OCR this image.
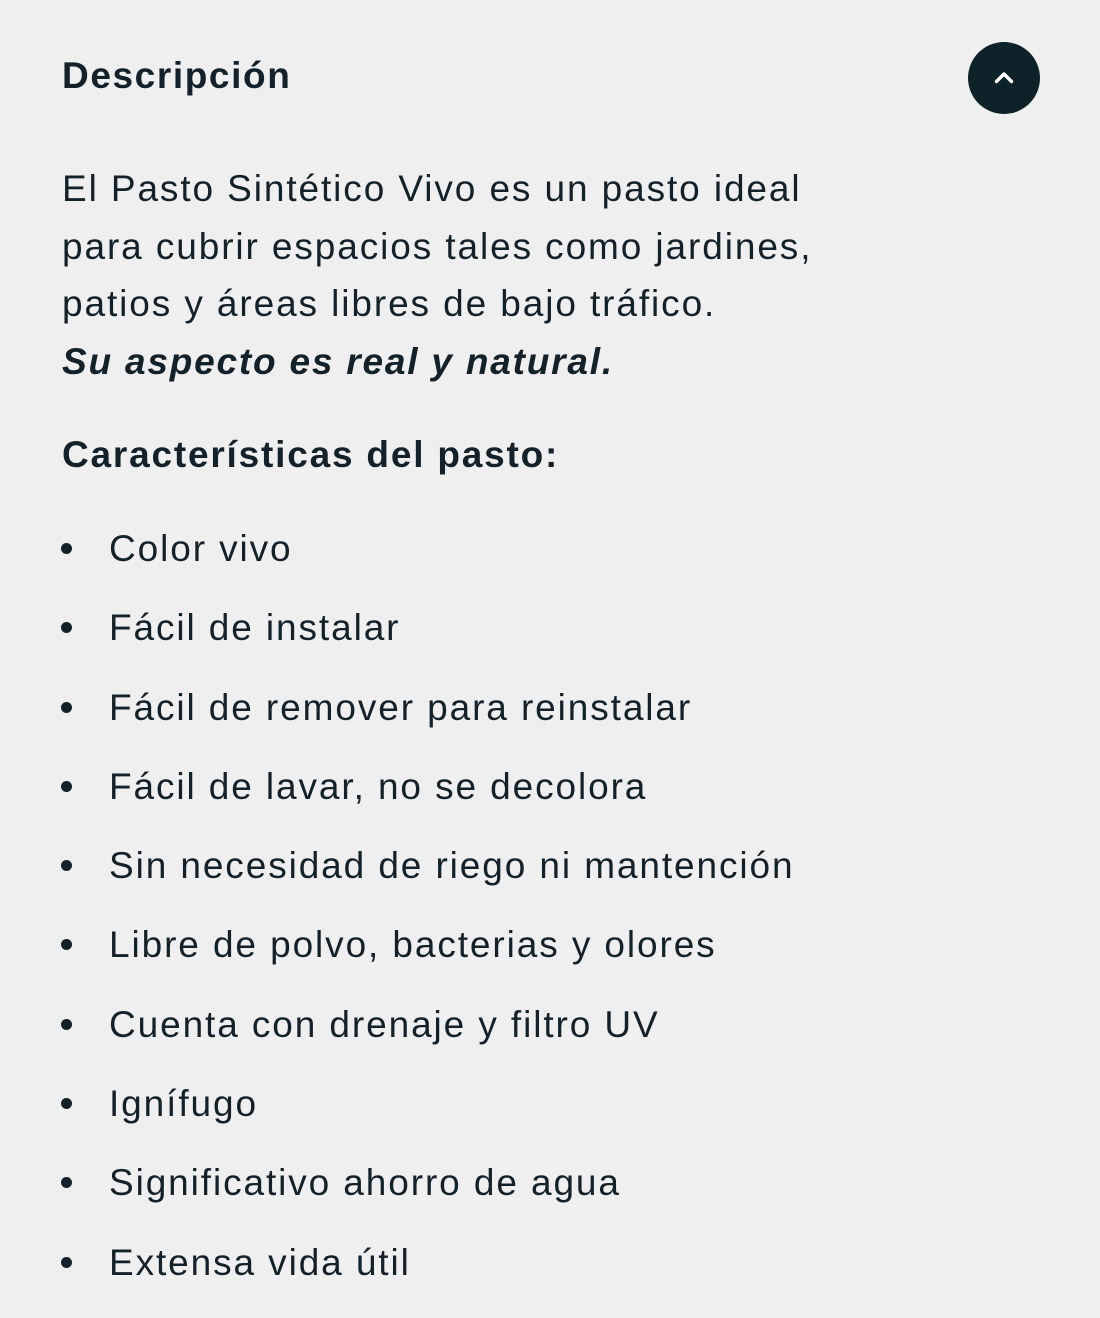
Descripción

El Pasto Sintético Vivo es un pasto ideal
para cubrir espacios tales como jardines,
patios y áreas libres de bajo tráfico.
Su aspecto es real y natural.

Características del pasto:
Color vivo
Fácil de instalar
Fácil de remover para reinstalar
Fácil de lavar, no se decolora
Sin necesidad de riego ni mantención
Libre de polvo, bacterias y olores
Cuenta con drenaje y filtro UV
Ignífugo
Significativo ahorro de agua
Extensa vida útil
